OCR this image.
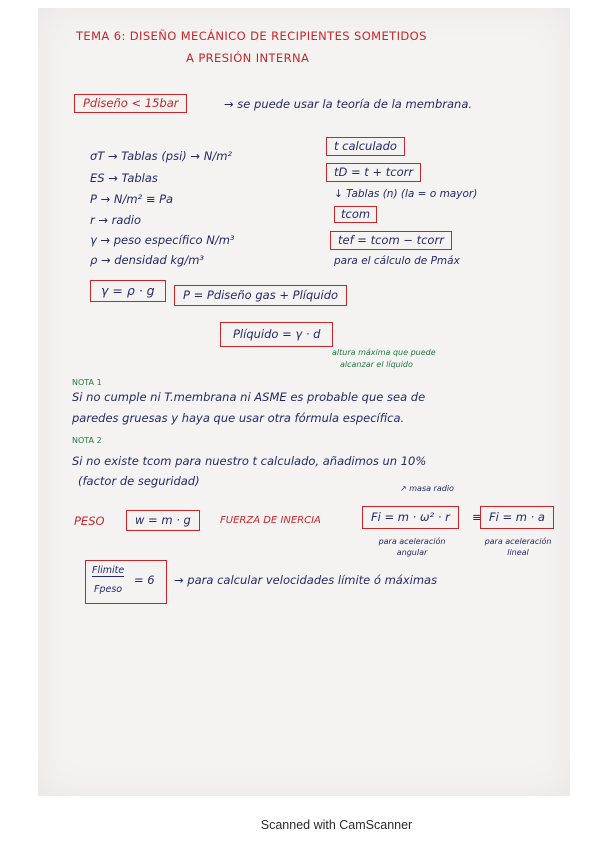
TEMA 6: DISEÑO MECÁNICO DE RECIPIENTES SOMETIDOS
A PRESIÓN INTERNA
Pdiseño < 15bar	→ se puede usar la teoría de la membrana.
σT → Tablas (psi) → N/m²
ES → Tablas
P → N/m² ≡ Pa
r → radio
γ → peso específico N/m³
ρ → densidad kg/m³
t calculado
tD = t + tcorr
↓ Tablas (n) (la = o mayor)
tcom
tef = tcom − tcorr
para el cálculo de Pmáx
γ = ρ · g	P = Pdiseño gas + Plíquido
Plíquido = γ · d
altura máxima que puede
alcanzar el líquido
NOTA 1
Si no cumple ni T.membrana ni ASME es probable que sea de
paredes gruesas y haya que usar otra fórmula específica.
NOTA 2
Si no existe tcom para nuestro t calculado, añadimos un 10%
(factor de seguridad)
PESO	w = m · g	FUERZA DE INERCIA
↗ masa radio
Fi = m · ω² · r	≡ Fi = m · a
para aceleración
angular
para aceleración
lineal
Flimite
Fpeso
= 6 → para calcular velocidades límite ó máximas
Scanned with CamScanner
